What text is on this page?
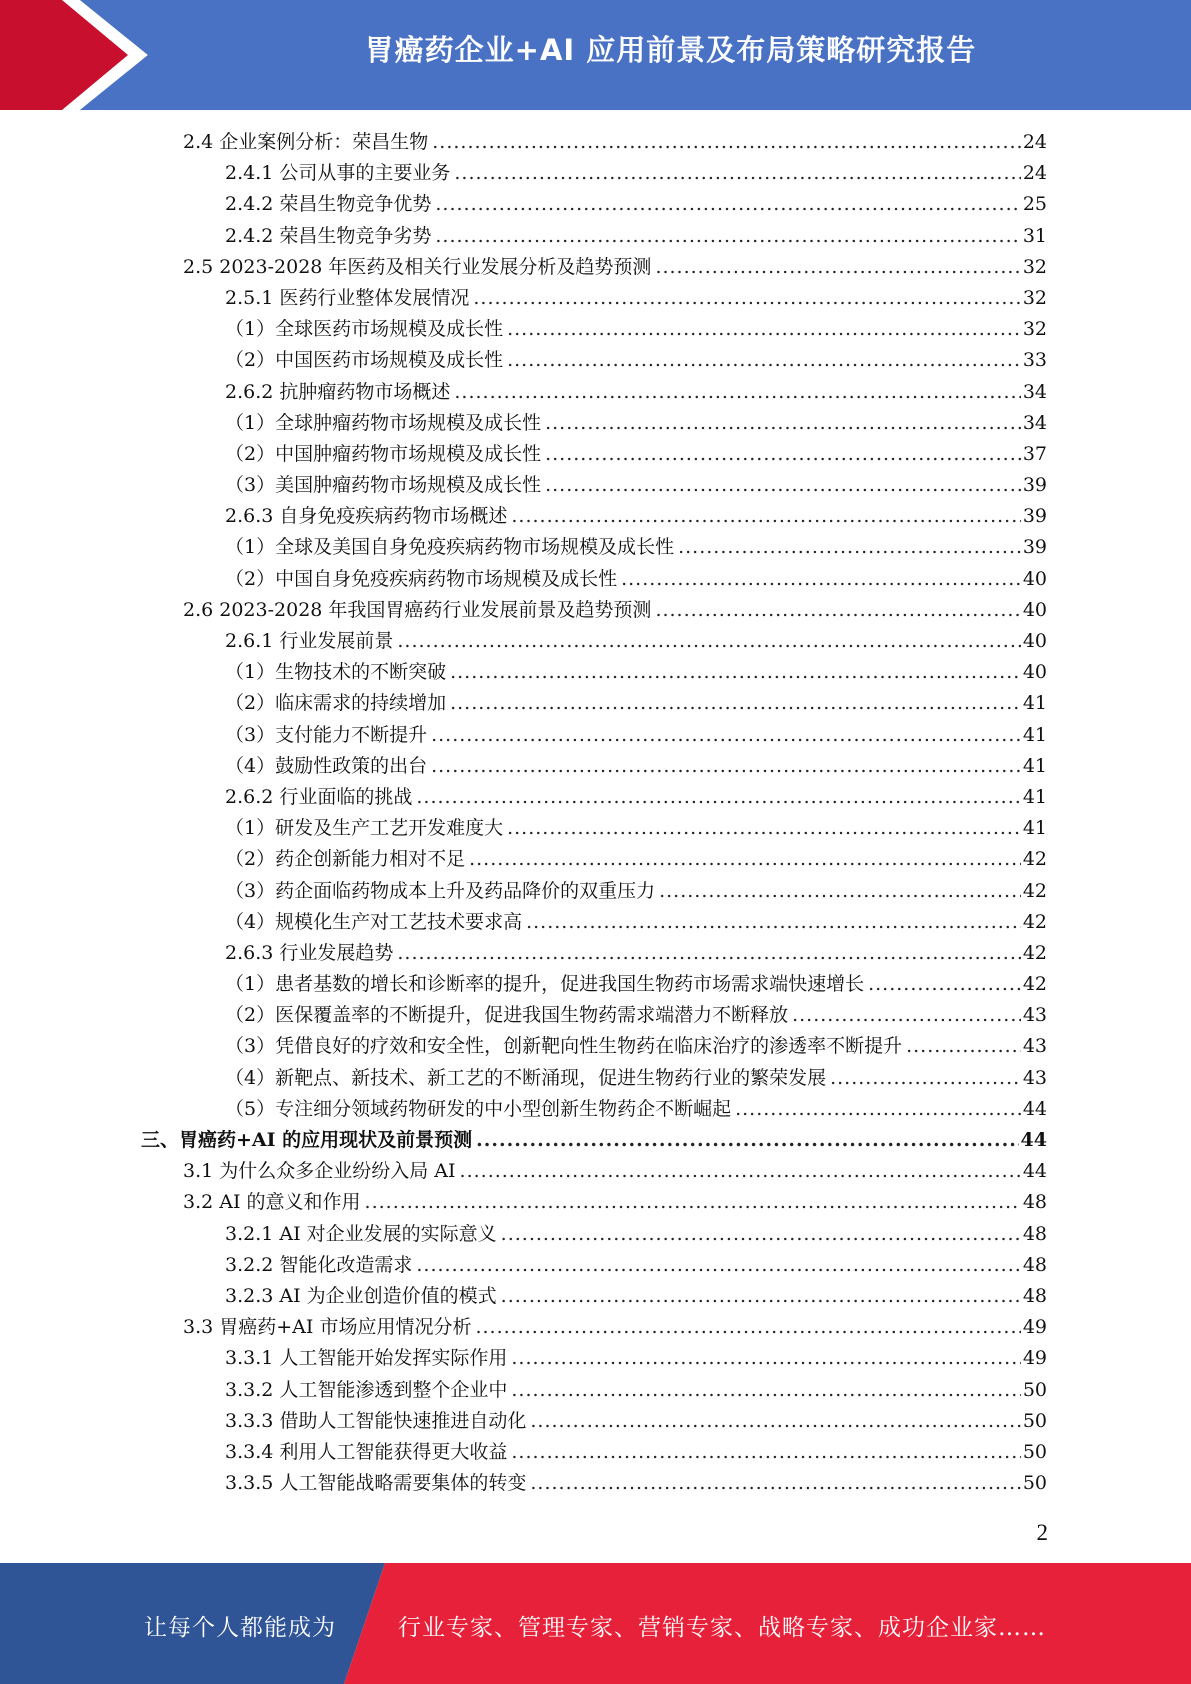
胃癌药企业+AI 应用前景及布局策略研究报告
2.4 企业案例分析：荣昌生物 .....	24
2.4.1 公司从事的主要业务 .....	24
2.4.2 荣昌生物竞争优势 .....	25
2.4.2 荣昌生物竞争劣势 .....	31
2.5 2023-2028 年医药及相关行业发展分析及趋势预测 .....	32
2.5.1 医药行业整体发展情况 .....	32
（1）全球医药市场规模及成长性 .....	32
（2）中国医药市场规模及成长性 .....	33
2.6.2 抗肿瘤药物市场概述 .....	34
（1）全球肿瘤药物市场规模及成长性 .....	34
（2）中国肿瘤药物市场规模及成长性 .....	37
（3）美国肿瘤药物市场规模及成长性 .....	39
2.6.3 自身免疫疾病药物市场概述 .....	39
（1）全球及美国自身免疫疾病药物市场规模及成长性 .....	39
（2）中国自身免疫疾病药物市场规模及成长性 .....	40
2.6 2023-2028 年我国胃癌药行业发展前景及趋势预测 .....	40
2.6.1 行业发展前景 .....	40
（1）生物技术的不断突破 .....	40
（2）临床需求的持续增加 .....	41
（3）支付能力不断提升 .....	41
（4）鼓励性政策的出台 .....	41
2.6.2 行业面临的挑战 .....	41
（1）研发及生产工艺开发难度大 .....	41
（2）药企创新能力相对不足 .....	42
（3）药企面临药物成本上升及药品降价的双重压力 .....	42
（4）规模化生产对工艺技术要求高 .....	42
2.6.3 行业发展趋势 .....	42
（1）患者基数的增长和诊断率的提升，促进我国生物药市场需求端快速增长 .....	42
（2）医保覆盖率的不断提升，促进我国生物药需求端潜力不断释放 .....	43
（3）凭借良好的疗效和安全性，创新靶向性生物药在临床治疗的渗透率不断提升 .....	43
（4）新靶点、新技术、新工艺的不断涌现，促进生物药行业的繁荣发展 .....	43
（5）专注细分领域药物研发的中小型创新生物药企不断崛起 .....	44
三、胃癌药+AI 的应用现状及前景预测 .....	44
3.1 为什么众多企业纷纷入局 AI .....	44
3.2 AI 的意义和作用 .....	48
3.2.1 AI 对企业发展的实际意义 .....	48
3.2.2 智能化改造需求 .....	48
3.2.3 AI 为企业创造价值的模式 .....	48
3.3 胃癌药+AI 市场应用情况分析 .....	49
3.3.1 人工智能开始发挥实际作用 .....	49
3.3.2 人工智能渗透到整个企业中 .....	50
3.3.3 借助人工智能快速推进自动化 .....	50
3.3.4 利用人工智能获得更大收益 .....	50
3.3.5 人工智能战略需要集体的转变 .....	50
2
让每个人都能成为	行业专家、管理专家、营销专家、战略专家、成功企业家……
